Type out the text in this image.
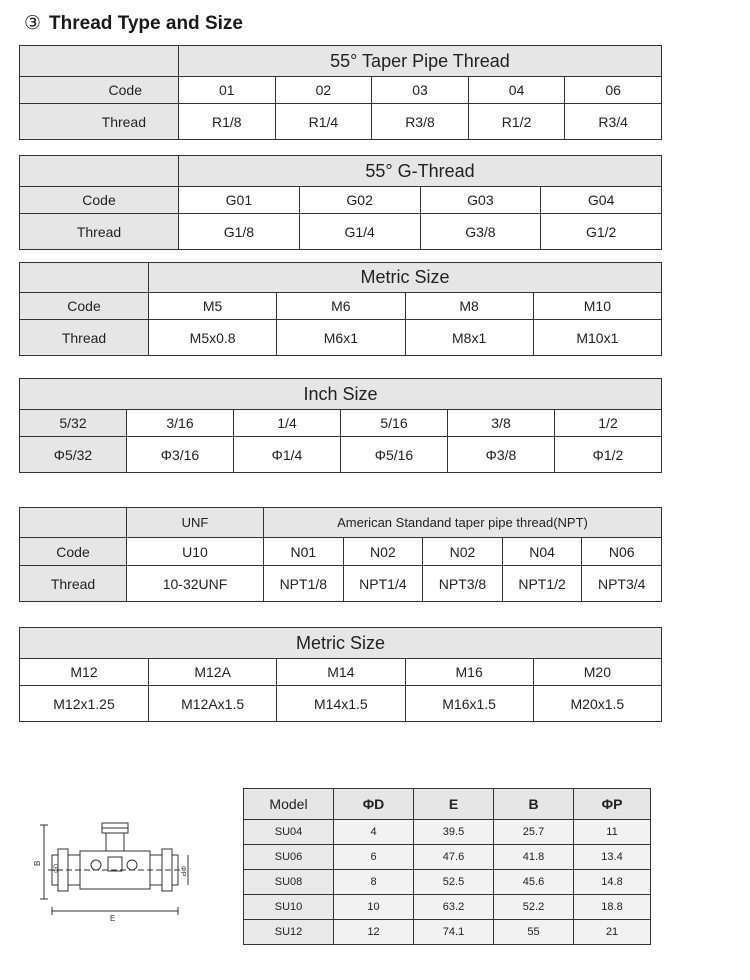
③ Thread Type and Size
	55° Taper Pipe Thread				
Code	01	02	03	04	06
Thread	R1/8	R1/4	R3/8	R1/2	R3/4
	55° G-Thread			
Code	G01	G02	G03	G04
Thread	G1/8	G1/4	G3/8	G1/2
	Metric Size			
Code	M5	M6	M8	M10
Thread	M5x0.8	M6x1	M8x1	M10x1
Inch Size					
5/32	3/16	1/4	5/16	3/8	1/2
Φ5/32	Φ3/16	Φ1/4	Φ5/16	Φ3/8	Φ1/2
	UNF	American Standand taper pipe thread(NPT)				
Code	U10	N01	N02	N02	N04	N06
Thread	10-32UNF	NPT1/8	NPT1/4	NPT3/8	NPT1/2	NPT3/4
Metric Size				
M12	M12A	M14	M16	M20
M12x1.25	M12Ax1.5	M14x1.5	M16x1.5	M20x1.5
B
E
ΦP
ΦD
Model	ΦD	E	B	ΦP
SU04	4	39.5	25.7	11
SU06	6	47.6	41.8	13.4
SU08	8	52.5	45.6	14.8
SU10	10	63.2	52.2	18.8
SU12	12	74.1	55	21
